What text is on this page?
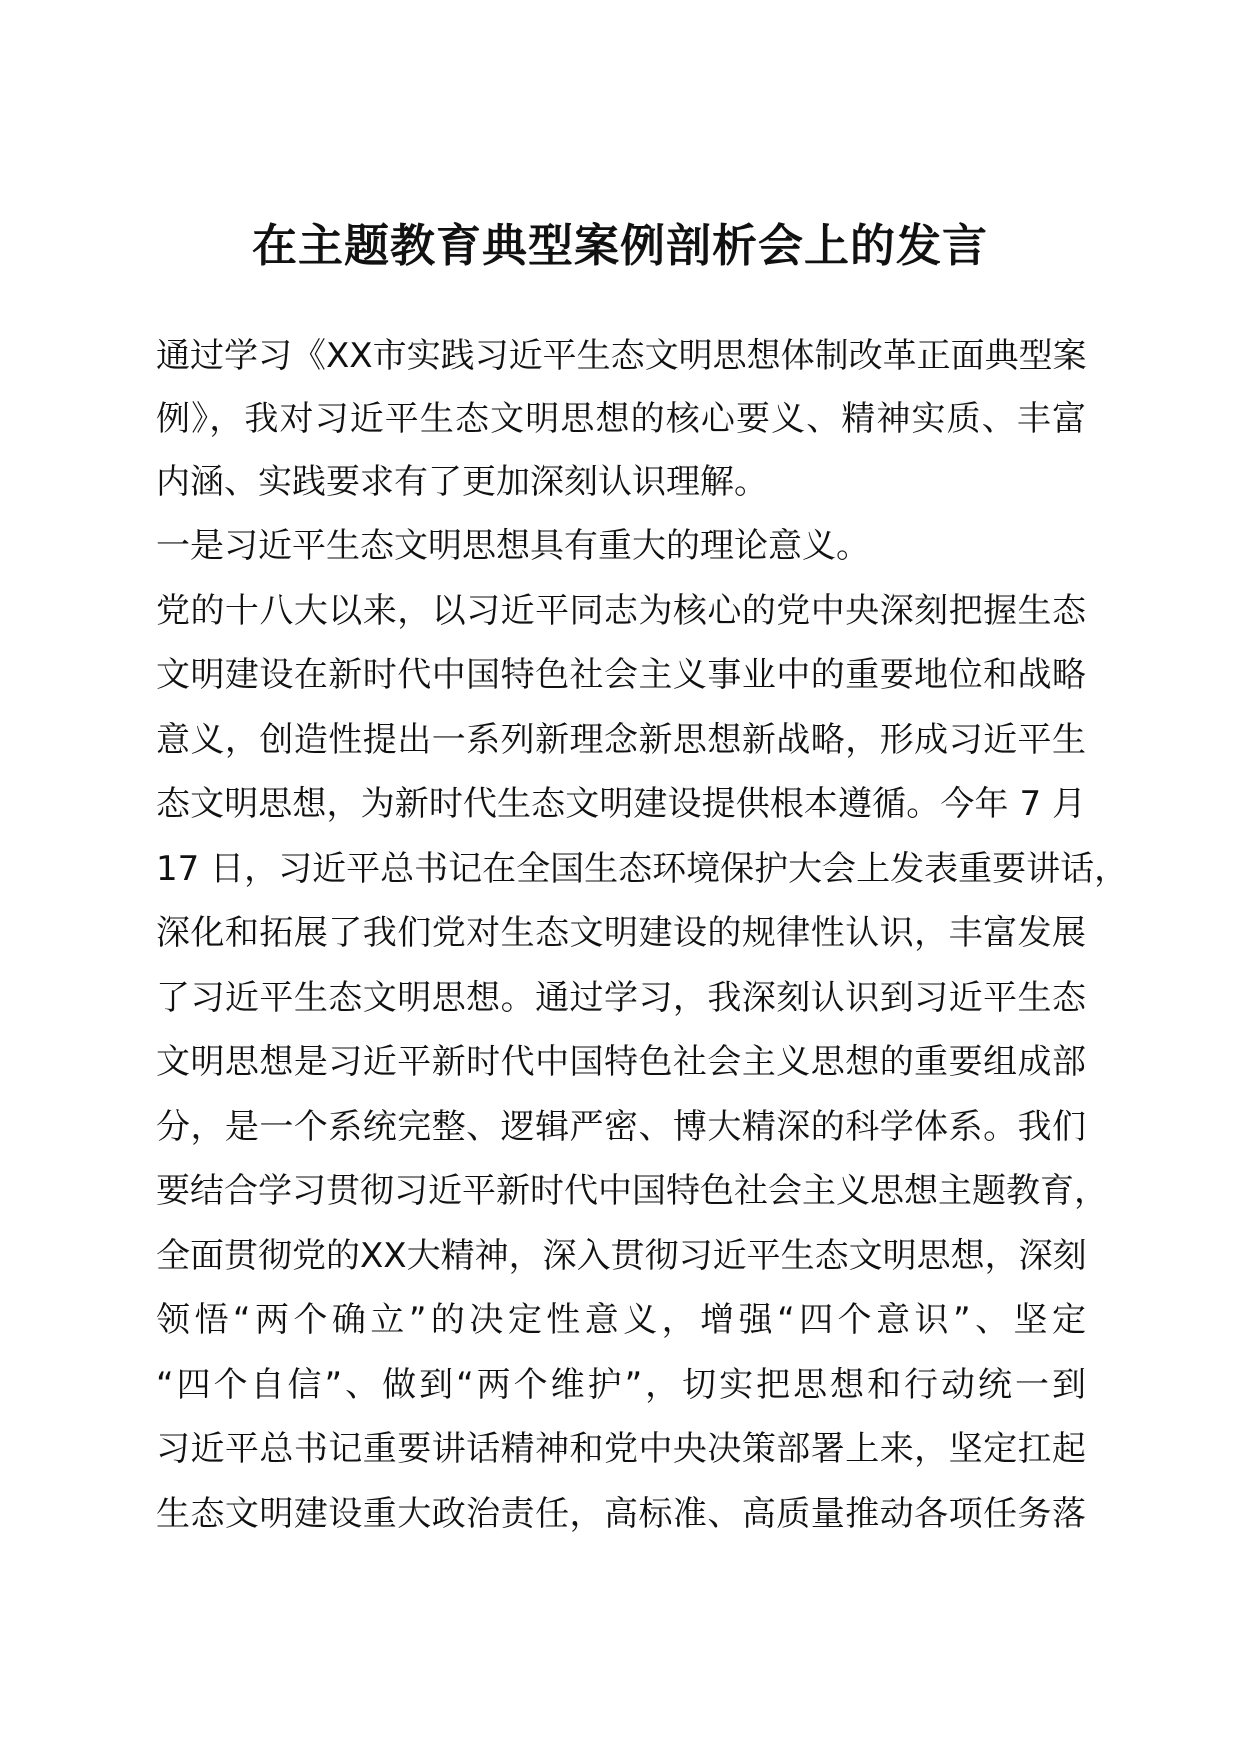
在主题教育典型案例剖析会上的发言
通过学习《XX市实践习近平生态文明思想体制改革正面典型案
例》，我对习近平生态文明思想的核心要义、精神实质、丰富
内涵、实践要求有了更加深刻认识理解。
一是习近平生态文明思想具有重大的理论意义。
党的十八大以来，以习近平同志为核心的党中央深刻把握生态
文明建设在新时代中国特色社会主义事业中的重要地位和战略
意义，创造性提出一系列新理念新思想新战略，形成习近平生
态文明思想，为新时代生态文明建设提供根本遵循。今年 7 月
17 日，习近平总书记在全国生态环境保护大会上发表重要讲话，
深化和拓展了我们党对生态文明建设的规律性认识，丰富发展
了习近平生态文明思想。通过学习，我深刻认识到习近平生态
文明思想是习近平新时代中国特色社会主义思想的重要组成部
分，是一个系统完整、逻辑严密、博大精深的科学体系。我们
要结合学习贯彻习近平新时代中国特色社会主义思想主题教育，
全面贯彻党的XX大精神，深入贯彻习近平生态文明思想，深刻
领悟“两个确立”的决定性意义，增强“四个意识”、坚定
“四个自信”、做到“两个维护”，切实把思想和行动统一到
习近平总书记重要讲话精神和党中央决策部署上来，坚定扛起
生态文明建设重大政治责任，高标准、高质量推动各项任务落
